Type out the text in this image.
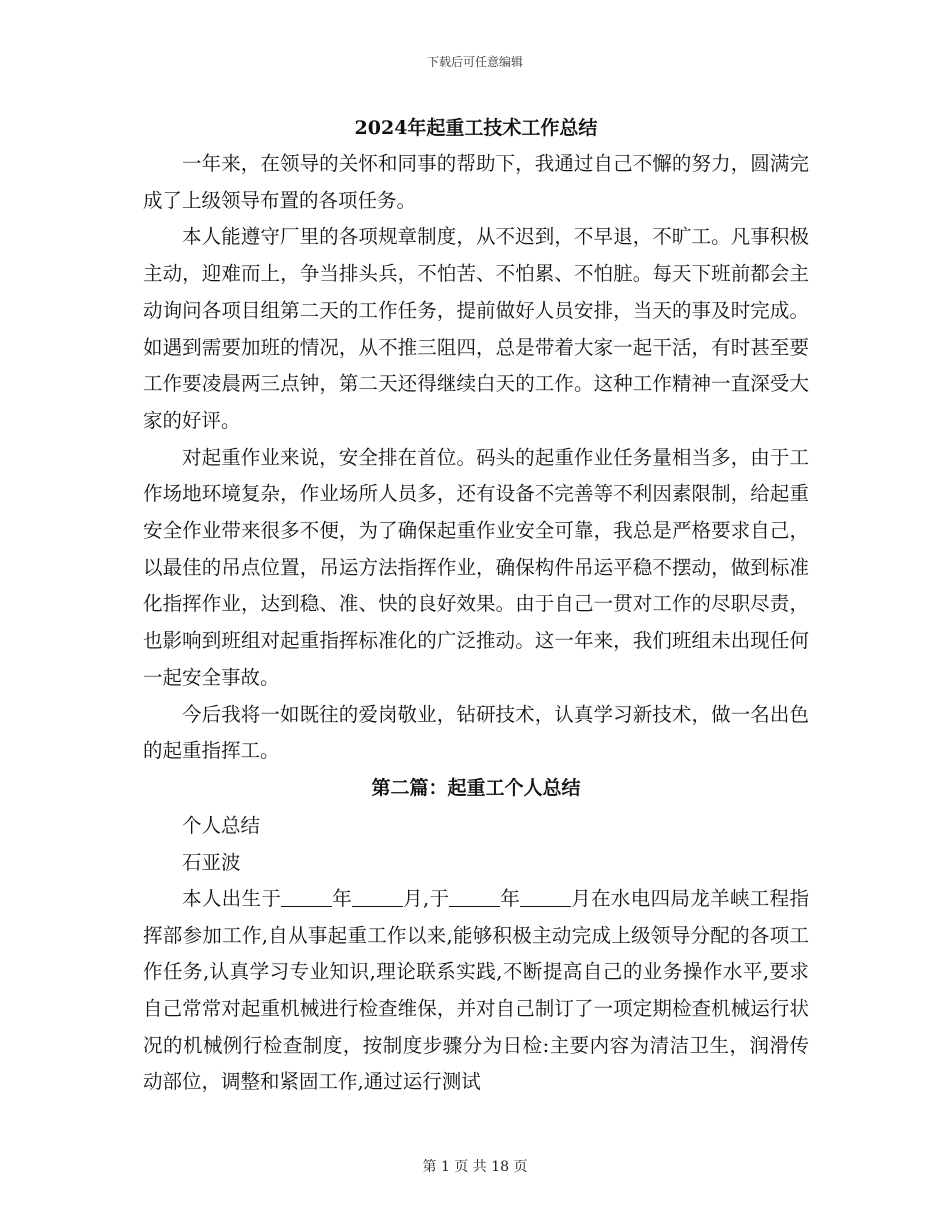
下载后可任意编辑
2024年起重工技术工作总结

一年来，在领导的关怀和同事的帮助下，我通过自己不懈的努力，圆满完成了上级领导布置的各项任务。

本人能遵守厂里的各项规章制度，从不迟到，不早退，不旷工。凡事积极主动，迎难而上，争当排头兵，不怕苦、不怕累、不怕脏。每天下班前都会主动询问各项目组第二天的工作任务，提前做好人员安排，当天的事及时完成。如遇到需要加班的情况，从不推三阻四，总是带着大家一起干活，有时甚至要工作要凌晨两三点钟，第二天还得继续白天的工作。这种工作精神一直深受大家的好评。

对起重作业来说，安全排在首位。码头的起重作业任务量相当多，由于工作场地环境复杂，作业场所人员多，还有设备不完善等不利因素限制，给起重安全作业带来很多不便，为了确保起重作业安全可靠，我总是严格要求自己，以最佳的吊点位置，吊运方法指挥作业，确保构件吊运平稳不摆动，做到标准化指挥作业，达到稳、准、快的良好效果。由于自己一贯对工作的尽职尽责，也影响到班组对起重指挥标准化的广泛推动。这一年来，我们班组未出现任何一起安全事故。

今后我将一如既往的爱岗敬业，钻研技术，认真学习新技术，做一名出色的起重指挥工。

第二篇：起重工个人总结

个人总结

石亚波

本人出生于	年	月,于	年	月在水电四局龙羊峡工程指挥部参加工作,自从事起重工作以来,能够积极主动完成上级领导分配的各项工作任务,认真学习专业知识,理论联系实践,不断提高自己的业务操作水平,要求自己常常对起重机械进行检查维保，并对自己制订了一项定期检查机械运行状况的机械例行检查制度，按制度步骤分为日检:主要内容为清洁卫生，润滑传动部位，调整和紧固工作,通过运行测试

第 1 页 共 18 页
